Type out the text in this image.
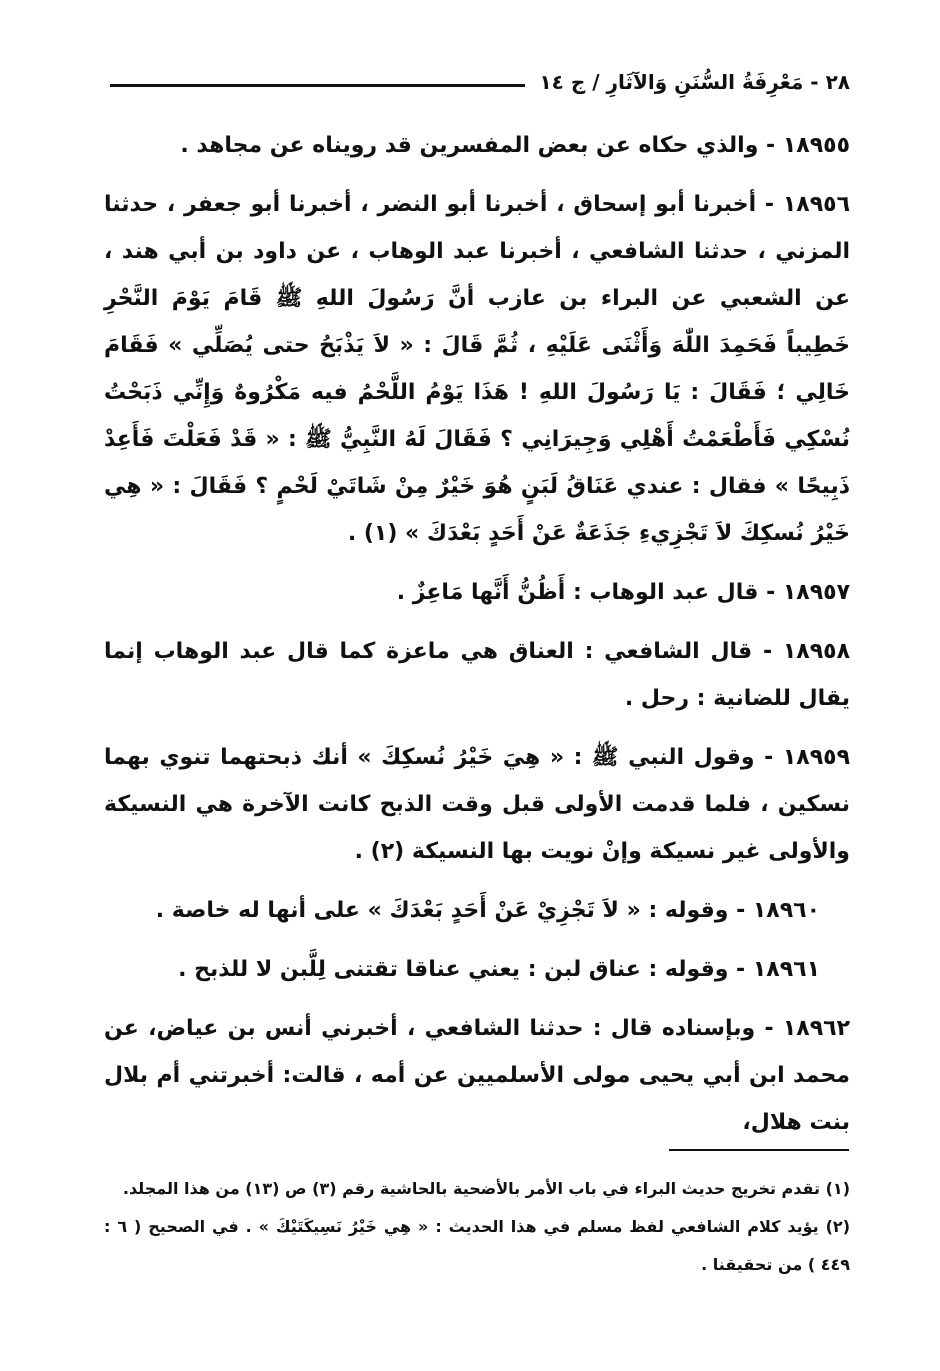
٢٨ - مَعْرِفَةُ السُّنَنِ وَالآثَارِ / ج ١٤

١٨٩٥٥ - والذي حكاه عن بعض المفسرين قد رويناه عن مجاهد .

١٨٩٥٦ - أخبرنا أبو إسحاق ، أخبرنا أبو النضر ، أخبرنا أبو جعفر ، حدثنا المزني ، حدثنا الشافعي ، أخبرنا عبد الوهاب ، عن داود بن أبي هند ، عن الشعبي عن البراء بن عازب أنَّ رَسُولَ اللهِ ﷺ قَامَ يَوْمَ النَّحْرِ خَطِيباً فَحَمِدَ اللّٰهَ وَأَثْنَى عَلَيْهِ ، ثُمَّ قَالَ : « لاَ يَذْبَحُ حتى يُصَلِّي » فَقَامَ خَالِي ؛ فَقَالَ : يَا رَسُولَ اللهِ ! هَذَا يَوْمُ اللَّحْمُ فيه مَكْرُوهٌ وَإِنِّي ذَبَحْتُ نُسْكِي فَأَطْعَمْتُ أَهْلِي وَجِيرَانِي ؟ فَقَالَ لَهُ النَّبِيُّ ﷺ : « قَدْ فَعَلْتَ فَأَعِدْ ذَبِيحًا » فقال : عندي عَنَاقُ لَبَنٍ هُوَ خَيْرٌ مِنْ شَاتَيْ لَحْمٍ ؟ فَقَالَ : « هِي خَيْرُ نُسكِكَ لاَ تَجْزِيءِ جَذَعَةٌ عَنْ أَحَدٍ بَعْدَكَ » (١) .

١٨٩٥٧ - قال عبد الوهاب : أَظُنُّ أَنَّها مَاعِزٌ .

١٨٩٥٨ - قال الشافعي : العناق هي ماعزة كما قال عبد الوهاب إنما يقال للضانية : رحل .

١٨٩٥٩ - وقول النبي ﷺ : « هِيَ خَيْرُ نُسكِكَ » أنك ذبحتهما تنوي بهما نسكين ، فلما قدمت الأولى قبل وقت الذبح كانت الآخرة هي النسيكة والأولى غير نسيكة وإنْ نويت بها النسيكة (٢) .

١٨٩٦٠ - وقوله : « لاَ تَجْزِيْ عَنْ أَحَدٍ بَعْدَكَ » على أنها له خاصة .

١٨٩٦١ - وقوله : عناق لبن : يعني عناقا تقتنى لِلَّبن لا للذبح .

١٨٩٦٢ - وبإسناده قال : حدثنا الشافعي ، أخبرني أنس بن عياض، عن محمد ابن أبي يحيى مولى الأسلميين عن أمه ، قالت: أخبرتني أم بلال بنت هلال،

(١) تقدم تخريج حديث البراء في باب الأمر بالأضحية بالحاشية رقم (٣) ص (١٣) من هذا المجلد.

(٢) يؤيد كلام الشافعي لفظ مسلم في هذا الحديث : « هِي خَيْرُ نَسِيكَتَيْكَ » . في الصحيح ( ٦ : ٤٤٩ ) من تحقيقنا .
